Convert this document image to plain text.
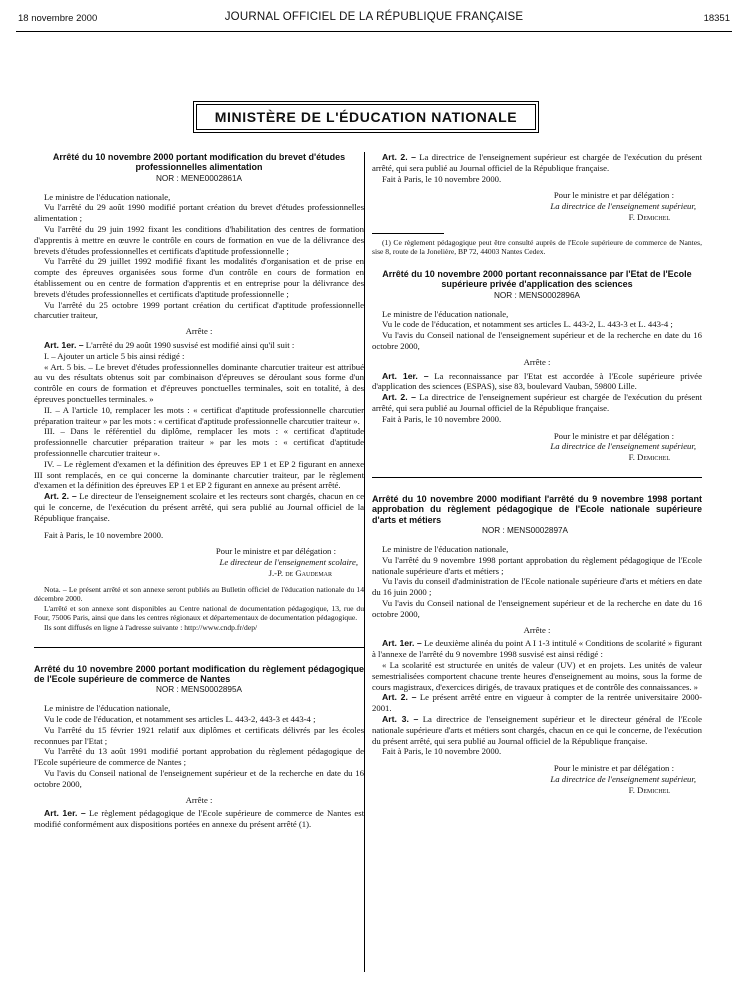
18 novembre 2000	JOURNAL OFFICIEL DE LA RÉPUBLIQUE FRANÇAISE	18351
MINISTÈRE DE L'ÉDUCATION NATIONALE
Arrêté du 10 novembre 2000 portant modification du brevet d'études professionnelles alimentation
NOR : MENE0002861A

Le ministre de l'éducation nationale,

Vu l'arrêté du 29 août 1990 modifié portant création du brevet d'études professionnelles alimentation ;

Vu l'arrêté du 29 juin 1992 fixant les conditions d'habilitation des centres de formation d'apprentis à mettre en œuvre le contrôle en cours de formation en vue de la délivrance des brevets d'études professionnelles et certificats d'aptitude professionnelle ;

Vu l'arrêté du 29 juillet 1992 modifié fixant les modalités d'organisation et de prise en compte des épreuves organisées sous forme d'un contrôle en cours de formation en établissement ou en centre de formation d'apprentis et en entreprise pour la délivrance des brevets d'études professionnelles et certificats d'aptitude professionnelle ;

Vu l'arrêté du 25 octobre 1999 portant création du certificat d'aptitude professionnelle charcutier traiteur,

Arrête :

Art. 1er. – L'arrêté du 29 août 1990 susvisé est modifié ainsi qu'il suit :

I. – Ajouter un article 5 bis ainsi rédigé :

« Art. 5 bis. – Le brevet d'études professionnelles dominante charcutier traiteur est attribué au vu des résultats obtenus soit par combinaison d'épreuves se déroulant sous forme d'un contrôle en cours de formation et d'épreuves ponctuelles terminales, soit en totalité, à des épreuves ponctuelles terminales. »

II. – A l'article 10, remplacer les mots : « certificat d'aptitude professionnelle charcutier préparation traiteur » par les mots : « certificat d'aptitude professionnelle charcutier traiteur ».

III. – Dans le référentiel du diplôme, remplacer les mots : « certificat d'aptitude professionnelle charcutier préparation traiteur » par les mots : « certificat d'aptitude professionnelle charcutier traiteur ».

IV. – Le règlement d'examen et la définition des épreuves EP 1 et EP 2 figurant en annexe III sont remplacés, en ce qui concerne la dominante charcutier traiteur, par le règlement d'examen et la définition des épreuves EP 1 et EP 2 figurant en annexe au présent arrêté.

Art. 2. – Le directeur de l'enseignement scolaire et les recteurs sont chargés, chacun en ce qui le concerne, de l'exécution du présent arrêté, qui sera publié au Journal officiel de la République française.

Fait à Paris, le 10 novembre 2000.

Pour le ministre et par délégation :

Le directeur de l'enseignement scolaire,

J.-P. de Gaudemar

Nota. – Le présent arrêté et son annexe seront publiés au Bulletin officiel de l'éducation nationale du 14 décembre 2000.

L'arrêté et son annexe sont disponibles au Centre national de documentation pédagogique, 13, rue du Four, 75006 Paris, ainsi que dans les centres régionaux et départementaux de documentation pédagogique.

Ils sont diffusés en ligne à l'adresse suivante : http://www.cndp.fr/dep/

Arrêté du 10 novembre 2000 portant modification du règlement pédagogique de l'Ecole supérieure de commerce de Nantes
NOR : MENS0002895A

Le ministre de l'éducation nationale,

Vu le code de l'éducation, et notamment ses articles L. 443-2, 443-3 et 443-4 ;

Vu l'arrêté du 15 février 1921 relatif aux diplômes et certificats délivrés par les écoles reconnues par l'Etat ;

Vu l'arrêté du 13 août 1991 modifié portant approbation du règlement pédagogique de l'Ecole supérieure de commerce de Nantes ;

Vu l'avis du Conseil national de l'enseignement supérieur et de la recherche en date du 16 octobre 2000,

Arrête :

Art. 1er. – Le règlement pédagogique de l'Ecole supérieure de commerce de Nantes est modifié conformément aux dispositions portées en annexe du présent arrêté (1).

Art. 2. – La directrice de l'enseignement supérieur est chargée de l'exécution du présent arrêté, qui sera publié au Journal officiel de la République française.

Fait à Paris, le 10 novembre 2000.

Pour le ministre et par délégation :

La directrice de l'enseignement supérieur,

F. Demichel

(1) Ce règlement pédagogique peut être consulté auprès de l'Ecole supérieure de commerce de Nantes, sise 8, route de la Jonelière, BP 72, 44003 Nantes Cedex.

Arrêté du 10 novembre 2000 portant reconnaissance par l'Etat de l'Ecole supérieure privée d'application des sciences
NOR : MENS0002896A

Le ministre de l'éducation nationale,

Vu le code de l'éducation, et notamment ses articles L. 443-2, L. 443-3 et L. 443-4 ;

Vu l'avis du Conseil national de l'enseignement supérieur et de la recherche en date du 16 octobre 2000,

Arrête :

Art. 1er. – La reconnaissance par l'Etat est accordée à l'Ecole supérieure privée d'application des sciences (ESPAS), sise 83, boulevard Vauban, 59800 Lille.

Art. 2. – La directrice de l'enseignement supérieur est chargée de l'exécution du présent arrêté, qui sera publié au Journal officiel de la République française.

Fait à Paris, le 10 novembre 2000.

Pour le ministre et par délégation :

La directrice de l'enseignement supérieur,

F. Demichel

Arrêté du 10 novembre 2000 modifiant l'arrêté du 9 novembre 1998 portant approbation du règlement pédagogique de l'Ecole nationale supérieure d'arts et métiers
NOR : MENS0002897A

Le ministre de l'éducation nationale,

Vu l'arrêté du 9 novembre 1998 portant approbation du règlement pédagogique de l'Ecole nationale supérieure d'arts et métiers ;

Vu l'avis du conseil d'administration de l'Ecole nationale supérieure d'arts et métiers en date du 16 juin 2000 ;

Vu l'avis du Conseil national de l'enseignement supérieur et de la recherche en date du 16 octobre 2000,

Arrête :

Art. 1er. – Le deuxième alinéa du point A I 1-3 intitulé « Conditions de scolarité » figurant à l'annexe de l'arrêté du 9 novembre 1998 susvisé est ainsi rédigé :

« La scolarité est structurée en unités de valeur (UV) et en projets. Les unités de valeur semestrialisées comportent chacune trente heures d'enseignement au moins, sous la forme de cours magistraux, d'exercices dirigés, de travaux pratiques et de contrôle des connaissances. »

Art. 2. – Le présent arrêté entre en vigueur à compter de la rentrée universitaire 2000-2001.

Art. 3. – La directrice de l'enseignement supérieur et le directeur général de l'Ecole nationale supérieure d'arts et métiers sont chargés, chacun en ce qui le concerne, de l'exécution du présent arrêté, qui sera publié au Journal officiel de la République française.

Fait à Paris, le 10 novembre 2000.

Pour le ministre et par délégation :

La directrice de l'enseignement supérieur,

F. Demichel
